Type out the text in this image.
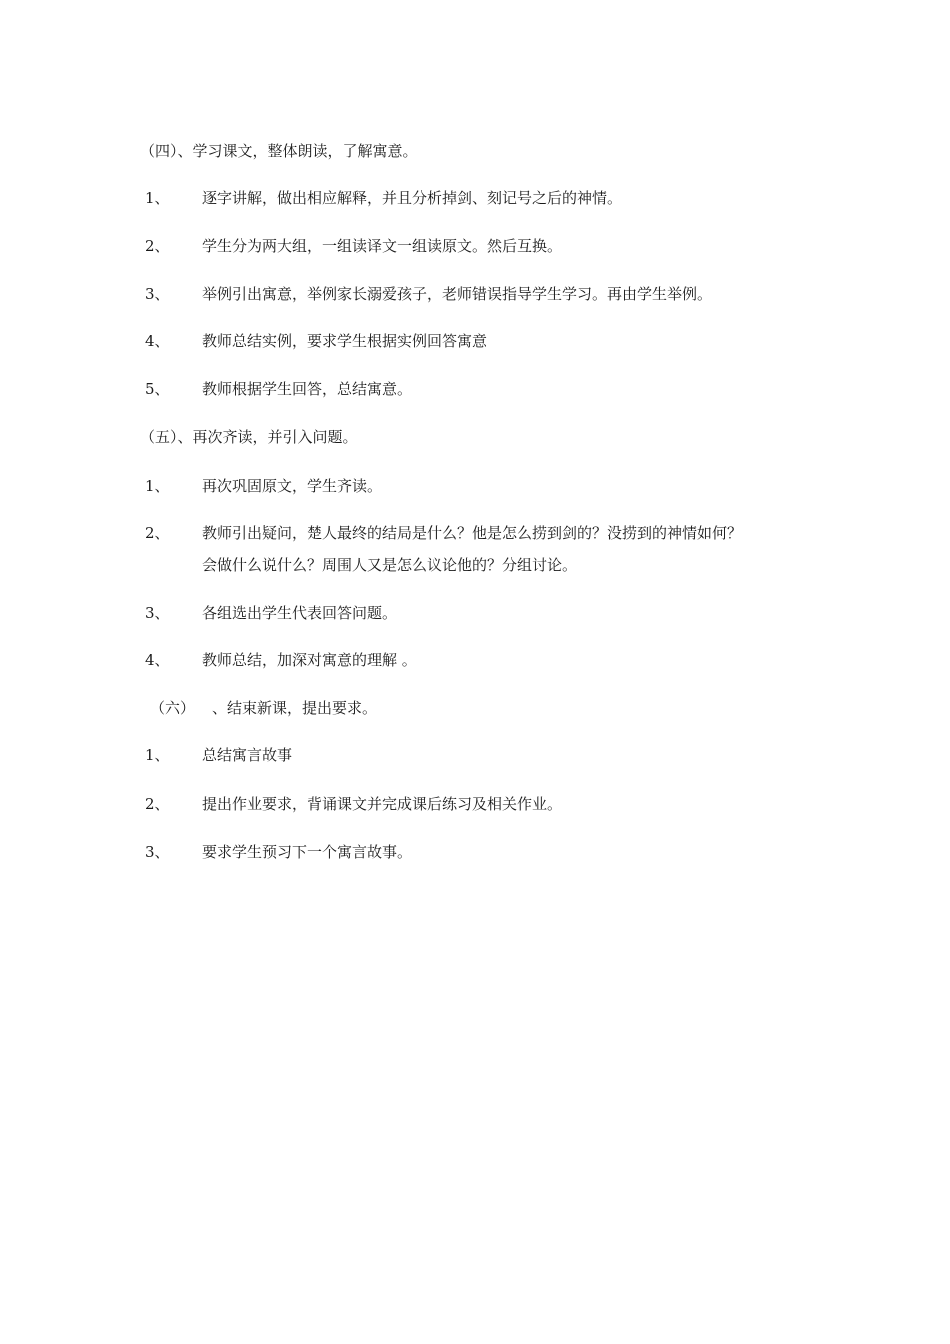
（四）、学习课文，整体朗读，了解寓意。
1、 逐字讲解，做出相应解释，并且分析掉剑、刻记号之后的神情。
2、 学生分为两大组，一组读译文一组读原文。然后互换。
3、 举例引出寓意，举例家长溺爱孩子，老师错误指导学生学习。再由学生举例。
4、 教师总结实例，要求学生根据实例回答寓意
5、 教师根据学生回答，总结寓意。
（五）、再次齐读，并引入问题。
1、 再次巩固原文，学生齐读。
2、 教师引出疑问，楚人最终的结局是什么？他是怎么捞到剑的？没捞到的神情如何？
会做什么说什么？周围人又是怎么议论他的？分组讨论。
3、 各组选出学生代表回答问题。
4、 教师总结，加深对寓意的理解 。
（六） 、结束新课，提出要求。
1、 总结寓言故事
2、 提出作业要求，背诵课文并完成课后练习及相关作业。
3、 要求学生预习下一个寓言故事。
